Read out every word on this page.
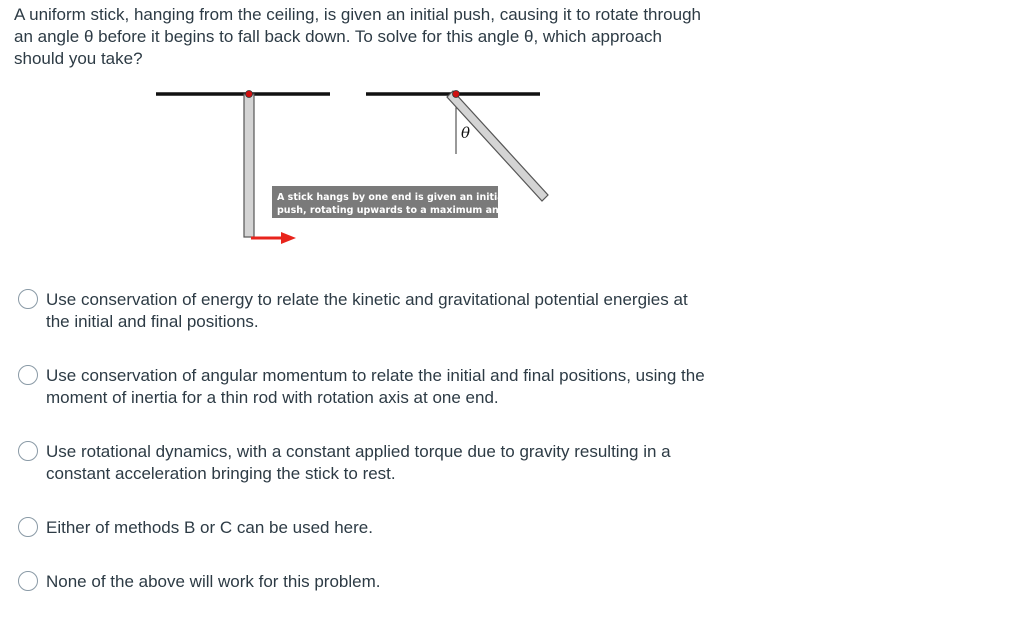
A uniform stick, hanging from the ceiling, is given an initial push, causing it to rotate through an angle θ before it begins to fall back down. To solve for this angle θ, which approach should you take?
θ
A stick hangs by one end is given an initial
push, rotating upwards to a maximum angle
Use conservation of energy to relate the kinetic and gravitational potential energies at the initial and final positions.
Use conservation of angular momentum to relate the initial and final positions, using the moment of inertia for a thin rod with rotation axis at one end.
Use rotational dynamics, with a constant applied torque due to gravity resulting in a constant acceleration bringing the stick to rest.
Either of methods B or C can be used here.
None of the above will work for this problem.
